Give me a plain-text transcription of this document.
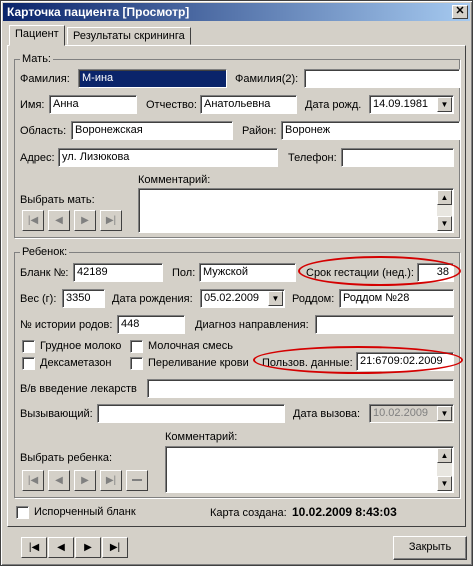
Карточка пациента [Просмотр]	✕
Пациент	Результаты скрининга
Мать:
Фамилия:	М-ина	Фамилия(2):
Имя: Анна	Отчество: Анатольевна	Дата рожд.	14.09.1981	▼
Область: Воронежская	Район: Воронеж
Адрес: ул. Лизюкова	Телефон:
Комментарий:
▲
▼
Выбрать мать:
|◀	◀	▶	▶|
Ребенок:
Бланк №: 42189	Пол: Мужской	Срок гестации (нед.):	38
Вес (г): 3350	Дата рождения:	05.02.2009	▼	Роддом: Роддом №28
№ истории родов: 448	Диагноз направления:
Грудное молоко Молочная смесь
Дексаметазон	Переливание крови Пользов. данные: 21:6709:02.2009
В/в введение лекарств
Вызывающий:	Дата вызова:	10.02.2009	▼
Комментарий:
▲
▼
Выбрать ребенка:
|◀	◀	▶	▶|
Испорченный бланк	Карта создана: 10.02.2009 8:43:03
|◀	◀	▶	▶|	Закрыть
